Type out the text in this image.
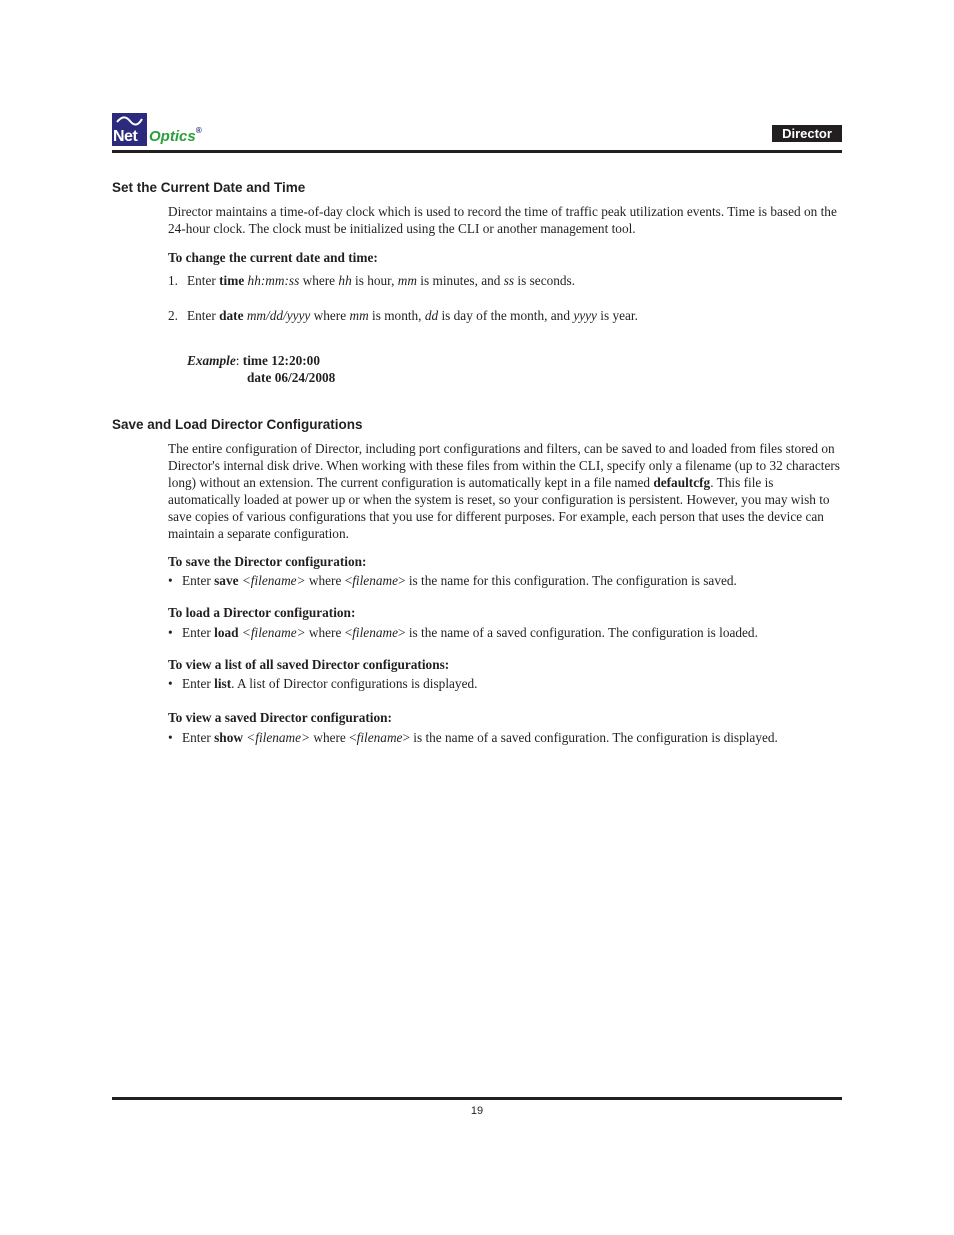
Net Optics®	Director
Set the Current Date and Time
Director maintains a time-of-day clock which is used to record the time of traffic peak utilization events. Time is based on the 24-hour clock. The clock must be initialized using the CLI or another management tool.
To change the current date and time:
1. Enter time hh:mm:ss where hh is hour, mm is minutes, and ss is seconds.
2. Enter date mm/dd/yyyy where mm is month, dd is day of the month, and yyyy is year.
Example: time 12:20:00
date 06/24/2008
Save and Load Director Configurations
The entire configuration of Director, including port configurations and filters, can be saved to and loaded from files stored on Director's internal disk drive. When working with these files from within the CLI, specify only a filename (up to 32 characters long) without an extension. The current configuration is automatically kept in a file named defaultcfg. This file is automatically loaded at power up or when the system is reset, so your configuration is persistent. However, you may wish to save copies of various configurations that you use for different purposes. For example, each person that uses the device can maintain a separate configuration.
To save the Director configuration:
• Enter save <filename> where <filename> is the name for this configuration. The configuration is saved.
To load a Director configuration:
• Enter load <filename> where <filename> is the name of a saved configuration. The configuration is loaded.
To view a list of all saved Director configurations:
• Enter list. A list of Director configurations is displayed.
To view a saved Director configuration:
• Enter show <filename> where <filename> is the name of a saved configuration. The configuration is displayed.
19
